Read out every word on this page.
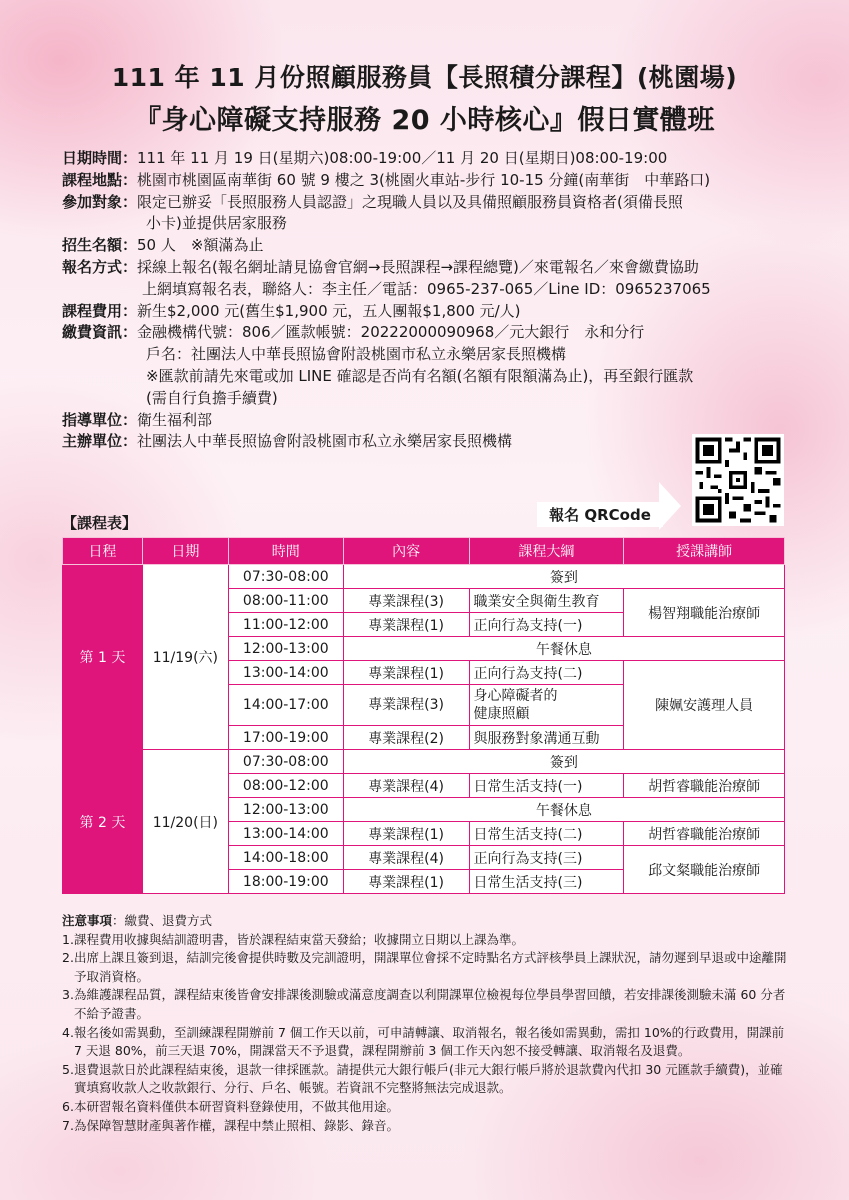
111 年 11 月份照顧服務員【長照積分課程】(桃園場)
『身心障礙支持服務 20 小時核心』假日實體班
日期時間： 111 年 11 月 19 日(星期六)08:00-19:00／11 月 20 日(星期日)08:00-19:00
課程地點： 桃園市桃園區南華街 60 號 9 樓之 3(桃園火車站-步行 10-15 分鐘(南華街　中華路口)
參加對象： 限定已辦妥「長照服務人員認證」之現職人員以及具備照顧服務員資格者(須備長照
小卡)並提供居家服務
招生名額： 50 人　※額滿為止
報名方式： 採線上報名(報名網址請見協會官網→長照課程→課程總覽)／來電報名／來會繳費協助
上網填寫報名表，聯絡人：李主任／電話：0965-237-065／Line ID：0965237065
課程費用： 新生$2,000 元(舊生$1,900 元，五人團報$1,800 元/人)
繳費資訊： 金融機構代號：806／匯款帳號：20222000090968／元大銀行　永和分行
戶名：社團法人中華長照協會附設桃園市私立永樂居家長照機構
※匯款前請先來電或加 LINE 確認是否尚有名額(名額有限額滿為止)，再至銀行匯款
(需自行負擔手續費)
指導單位： 衛生福利部
主辦單位： 社團法人中華長照協會附設桃園市私立永樂居家長照機構
報名 QRCode
【課程表】
日程	日期	時間	內容	課程大綱	授課講師
第 1 天	11/19(六)	07:30-08:00	簽到		
		08:00-11:00	專業課程(3)	職業安全與衛生教育	楊智翔職能治療師
		11:00-12:00	專業課程(1)	正向行為支持(一)	
		12:00-13:00	午餐休息		
		13:00-14:00	專業課程(1)	正向行為支持(二)	陳姵安護理人員
		14:00-17:00	專業課程(3)	身心障礙者的
健康照顧	
		17:00-19:00	專業課程(2)	與服務對象溝通互動	
第 2 天	11/20(日)	07:30-08:00	簽到		
		08:00-12:00	專業課程(4)	日常生活支持(一)	胡哲睿職能治療師
		12:00-13:00	午餐休息		
		13:00-14:00	專業課程(1)	日常生活支持(二)	胡哲睿職能治療師
		14:00-18:00	專業課程(4)	正向行為支持(三)	邱文粲職能治療師
		18:00-19:00	專業課程(1)	日常生活支持(三)	
注意事項：繳費、退費方式
1. 課程費用收據與結訓證明書，皆於課程結束當天發給；收據開立日期以上課為準。
2. 出席上課且簽到退，結訓完後會提供時數及完訓證明，開課單位會採不定時點名方式評核學員上課狀況，請勿遲到早退或中途離開予取消資格。
3. 為維護課程品質，課程結束後皆會安排課後測驗或滿意度調查以利開課單位檢視每位學員學習回饋，若安排課後測驗未滿 60 分者不給予證書。
4. 報名後如需異動，至訓練課程開辦前 7 個工作天以前，可申請轉讓、取消報名，報名後如需異動，需扣 10%的行政費用，開課前 7 天退 80%，前三天退 70%，開課當天不予退費，課程開辦前 3 個工作天內恕不接受轉讓、取消報名及退費。
5. 退費退款日於此課程結束後，退款一律採匯款。請提供元大銀行帳戶(非元大銀行帳戶將於退款費內代扣 30 元匯款手續費)，並確實填寫收款人之收款銀行、分行、戶名、帳號。若資訊不完整將無法完成退款。
6. 本研習報名資料僅供本研習資料登錄使用，不做其他用途。
7. 為保障智慧財產與著作權，課程中禁止照相、錄影、錄音。
